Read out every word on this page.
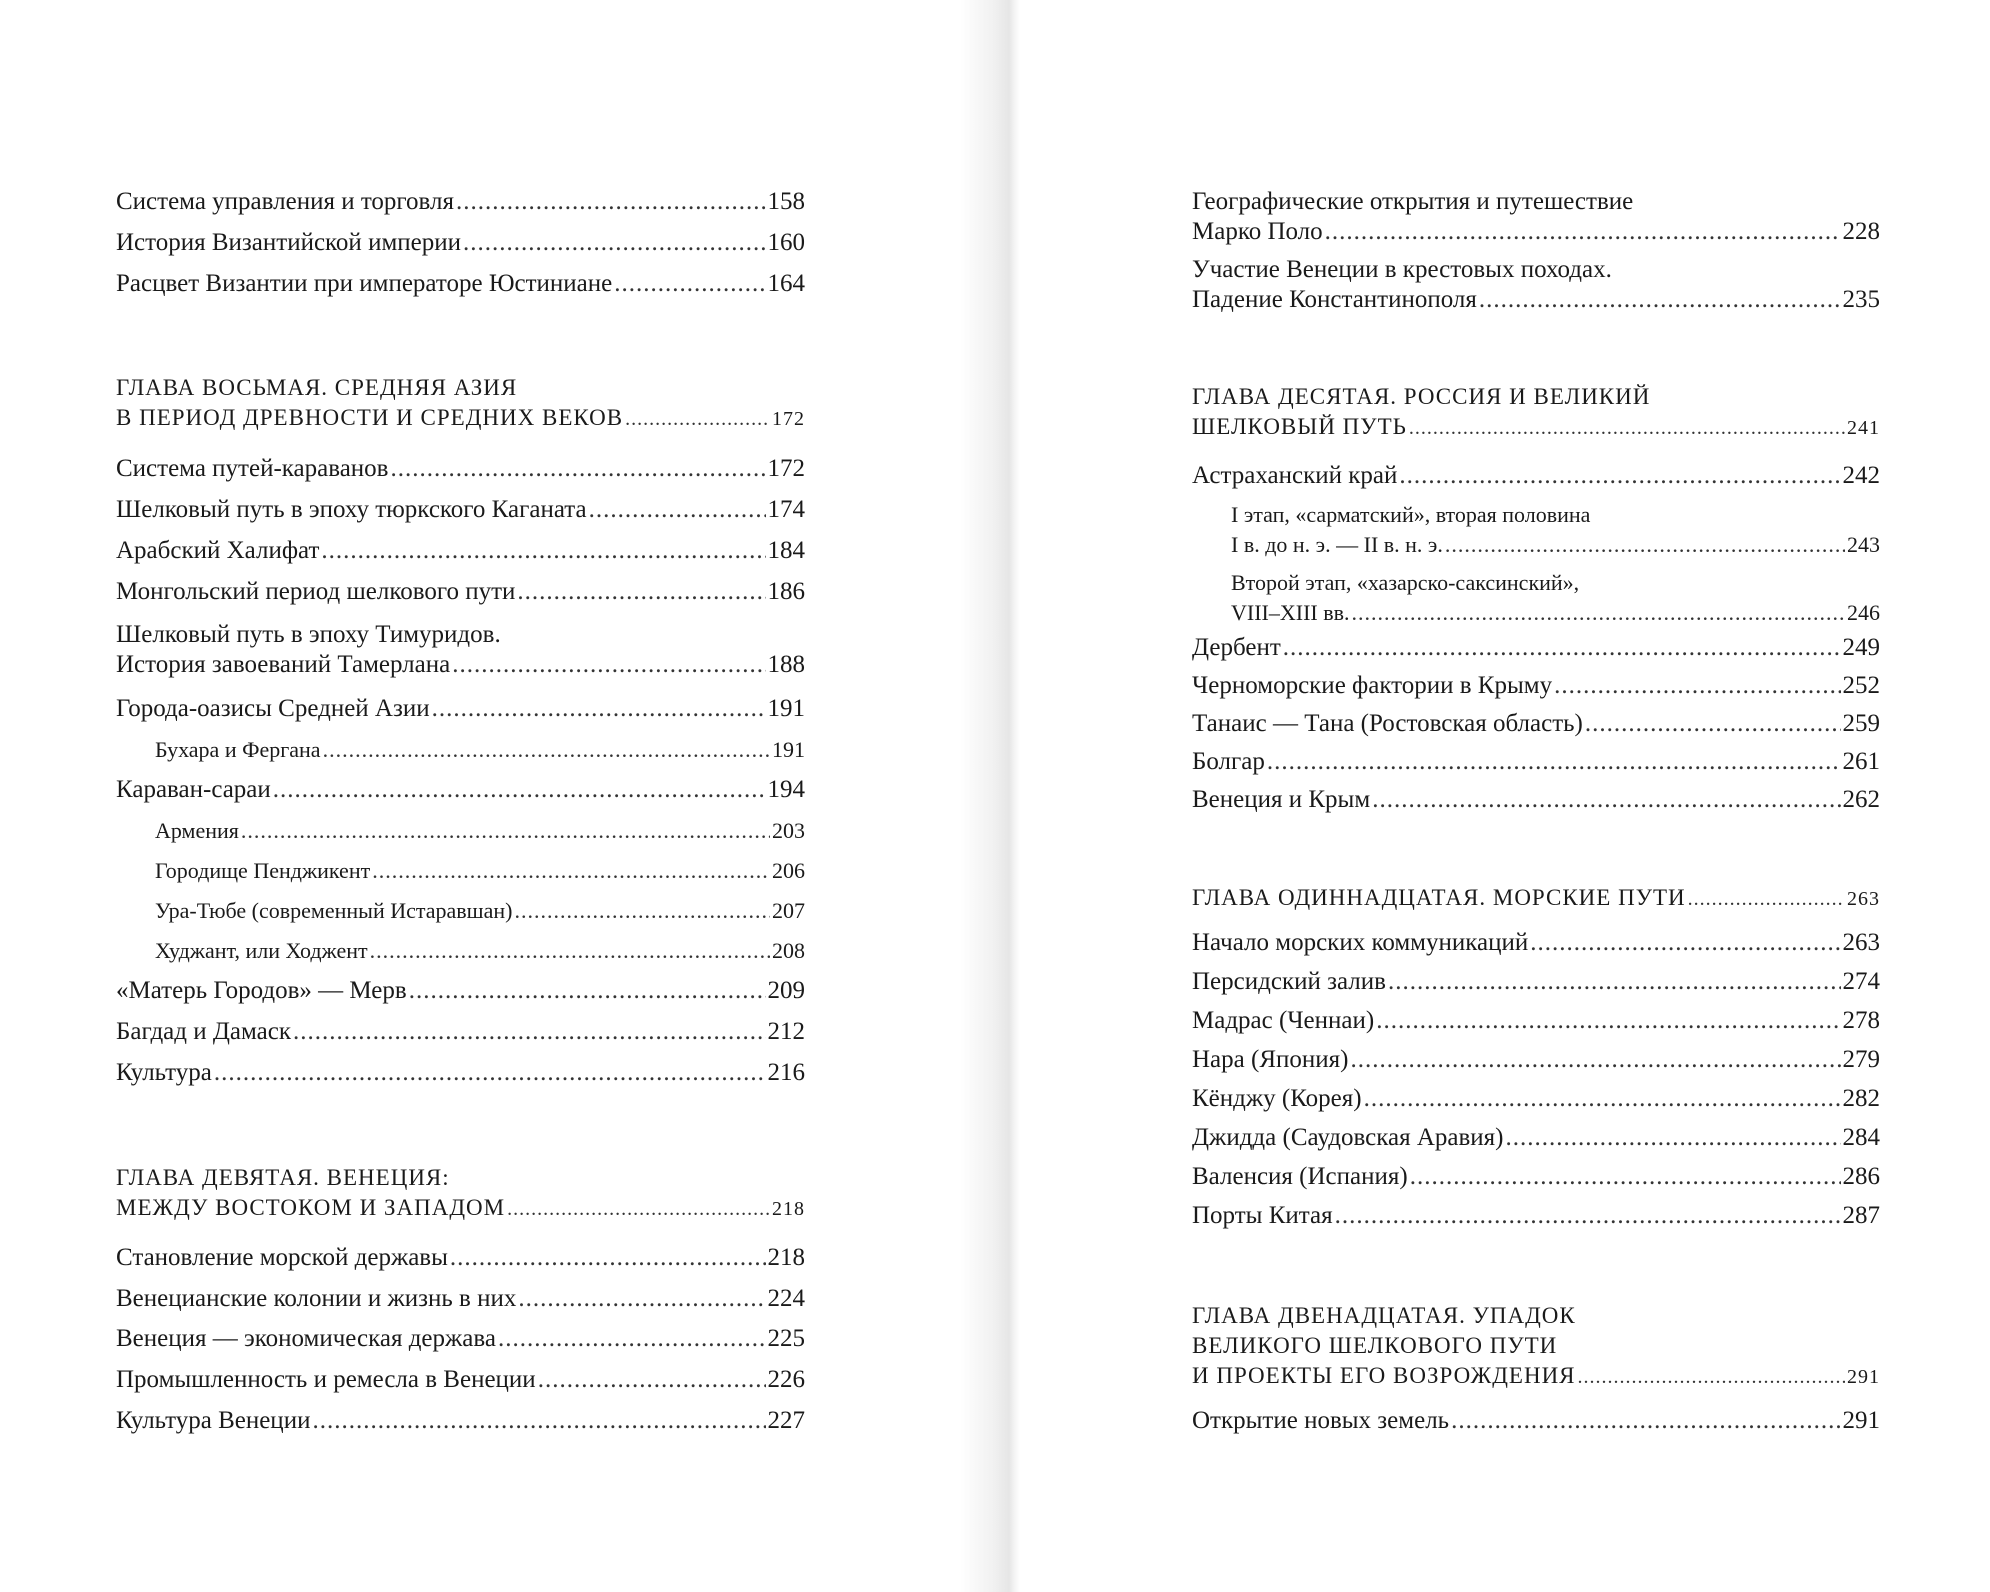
Система управления и торговля .....	158
История Византийской империи .....	160
Расцвет Византии при императоре Юстиниане .....	164
ГЛАВА ВОСЬМАЯ. СРЕДНЯЯ АЗИЯ
В ПЕРИОД ДРЕВНОСТИ И СРЕДНИХ ВЕКОВ .....	172
Система путей-караванов .....	172
Шелковый путь в эпоху тюркского Каганата .....	174
Арабский Халифат .....	184
Монгольский период шелкового пути .....	186
Шелковый путь в эпоху Тимуридов.
История завоеваний Тамерлана .....	188
Города-оазисы Средней Азии .....	191
Бухара и Фергана .....	191
Караван-сараи .....	194
Армения .....	203
Городище Пенджикент .....	206
Ура-Тюбе (современный Истаравшан) .....	207
Худжант, или Ходжент .....	208
«Матерь Городов» — Мерв .....	209
Багдад и Дамаск .....	212
Культура .....	216
ГЛАВА ДЕВЯТАЯ. ВЕНЕЦИЯ:
МЕЖДУ ВОСТОКОМ И ЗАПАДОМ .....	218
Становление морской державы .....	218
Венецианские колонии и жизнь в них .....	224
Венеция — экономическая держава .....	225
Промышленность и ремесла в Венеции .....	226
Культура Венеции .....	227
Географические открытия и путешествие
Марко Поло .....	228
Участие Венеции в крестовых походах.
Падение Константинополя .....	235
ГЛАВА ДЕСЯТАЯ. РОССИЯ И ВЕЛИКИЙ
ШЕЛКОВЫЙ ПУТЬ .....	241
Астраханский край .....	242
I этап, «сарматский», вторая половина
I в. до н. э. — II в. н. э. .....	243
Второй этап, «хазарско-саксинский»,
VIII–XIII вв. .....	246
Дербент .....	249
Черноморские фактории в Крыму .....	252
Танаис — Тана (Ростовская область) .....	259
Болгар .....	261
Венеция и Крым .....	262
ГЛАВА ОДИННАДЦАТАЯ. МОРСКИЕ ПУТИ .....	263
Начало морских коммуникаций .....	263
Персидский залив .....	274
Мадрас (Ченнаи) .....	278
Нара (Япония) .....	279
Кёнджу (Корея) .....	282
Джидда (Саудовская Аравия) .....	284
Валенсия (Испания) .....	286
Порты Китая .....	287
ГЛАВА ДВЕНАДЦАТАЯ. УПАДОК
ВЕЛИКОГО ШЕЛКОВОГО ПУТИ
И ПРОЕКТЫ ЕГО ВОЗРОЖДЕНИЯ .....	291
Открытие новых земель .....	291
